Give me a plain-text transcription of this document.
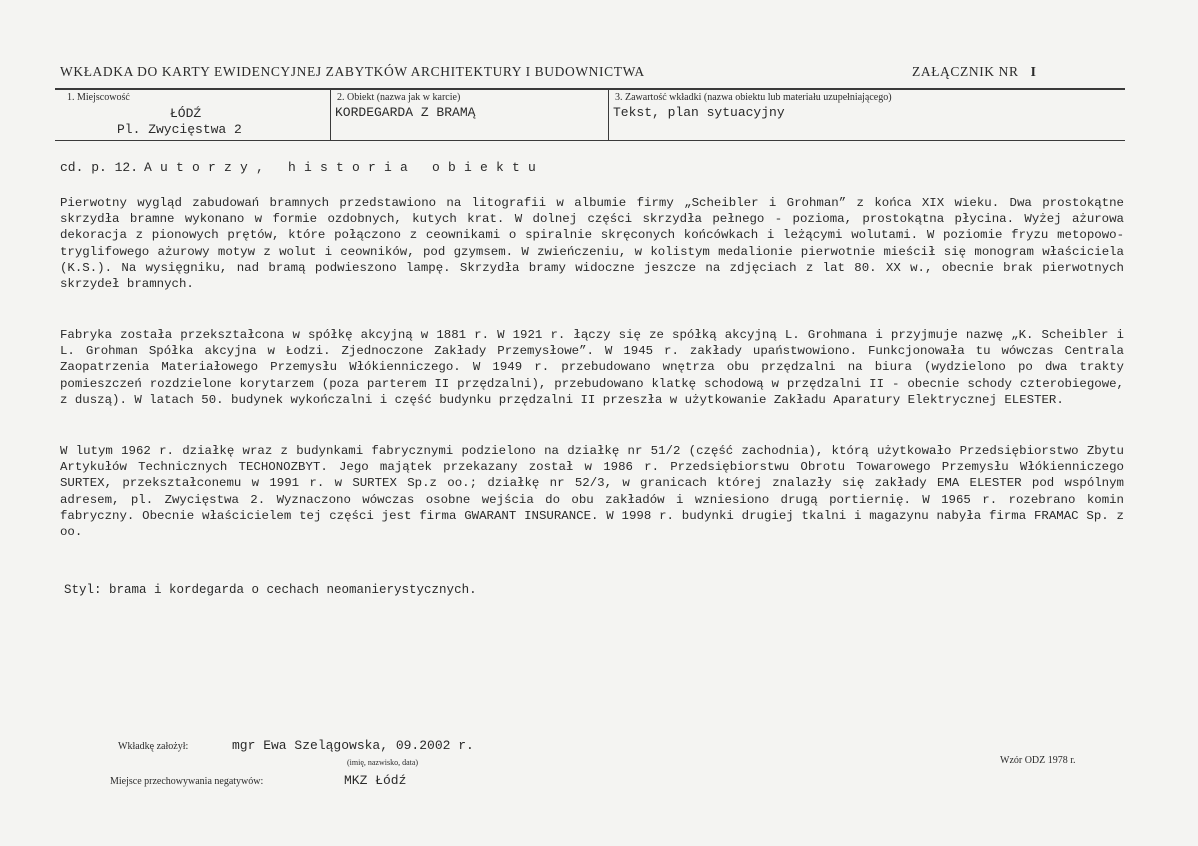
WKŁADKA DO KARTY EWIDENCYJNEJ ZABYTKÓW ARCHITEKTURY I BUDOWNICTWA	ZAŁĄCZNIK NR I
1. Miejscowość
ŁÓDŹ
Pl. Zwycięstwa 2
2. Obiekt (nazwa jak w karcie)
KORDEGARDA Z BRAMĄ
3. Zawartość wkładki (nazwa obiektu lub materiału uzupełniającego)
Tekst, plan sytuacyjny
cd. p. 12. Autorzy, historia obiektu
Pierwotny wygląd zabudowań bramnych przedstawiono na litografii w albumie firmy „Scheibler i Grohman” z końca XIX wieku. Dwa prostokątne skrzydła bramne wykonano w formie ozdobnych, kutych krat. W dolnej części skrzydła pełnego - pozioma, prostokątna płycina. Wyżej ażurowa dekoracja z pionowych prętów, które połączono z ceownikami o spiralnie skręconych końcówkach i leżącymi wolutami. W poziomie fryzu metopowo-tryglifowego ażurowy motyw z wolut i ceowników, pod gzymsem. W zwieńczeniu, w kolistym medalionie pierwotnie mieścił się monogram właściciela (K.S.). Na wysięgniku, nad bramą podwieszono lampę. Skrzydła bramy widoczne jeszcze na zdjęciach z lat 80. XX w., obecnie brak pierwotnych skrzydeł bramnych.
Fabryka została przekształcona w spółkę akcyjną w 1881 r. W 1921 r. łączy się ze spółką akcyjną L. Grohmana i przyjmuje nazwę „K. Scheibler i L. Grohman Spółka akcyjna w Łodzi. Zjednoczone Zakłady Przemysłowe”. W 1945 r. zakłady upaństwowiono. Funkcjonowała tu wówczas Centrala Zaopatrzenia Materiałowego Przemysłu Włókienniczego. W 1949 r. przebudowano wnętrza obu przędzalni na biura (wydzielono po dwa trakty pomieszczeń rozdzielone korytarzem (poza parterem II przędzalni), przebudowano klatkę schodową w przędzalni II - obecnie schody czterobiegowe, z duszą). W latach 50. budynek wykończalni i część budynku przędzalni II przeszła w użytkowanie Zakładu Aparatury Elektrycznej ELESTER.
W lutym 1962 r. działkę wraz z budynkami fabrycznymi podzielono na działkę nr 51/2 (część zachodnia), którą użytkowało Przedsiębiorstwo Zbytu Artykułów Technicznych TECHONOZBYT. Jego majątek przekazany został w 1986 r. Przedsiębiorstwu Obrotu Towarowego Przemysłu Włókienniczego SURTEX, przekształconemu w 1991 r. w SURTEX Sp.z oo.; działkę nr 52/3, w granicach której znalazły się zakłady EMA ELESTER pod wspólnym adresem, pl. Zwycięstwa 2. Wyznaczono wówczas osobne wejścia do obu zakładów i wzniesiono drugą portiernię. W 1965 r. rozebrano komin fabryczny. Obecnie właścicielem tej części jest firma GWARANT INSURANCE. W 1998 r. budynki drugiej tkalni i magazynu nabyła firma FRAMAC Sp. z oo.
Styl: brama i kordegarda o cechach neomanierystycznych.
Wkładkę założył:	mgr Ewa Szelągowska, 09.2002 r.
(imię, nazwisko, data)
Miejsce przechowywania negatywów:	MKZ Łódź
Wzór ODZ 1978 r.
